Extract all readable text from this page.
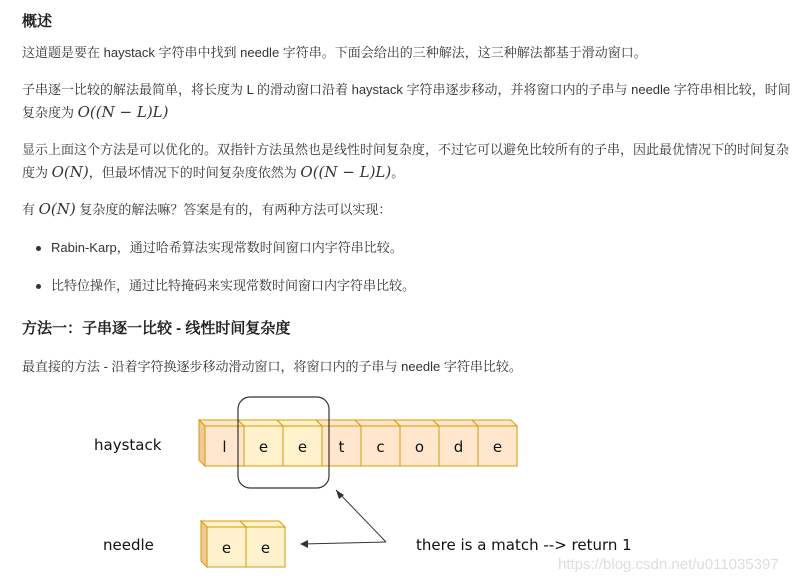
概述
这道题是要在 haystack 字符串中找到 needle 字符串。下面会给出的三种解法，这三种解法都基于滑动窗口。
子串逐一比较的解法最简单，将长度为 L 的滑动窗口沿着 haystack 字符串逐步移动，并将窗口内的子串与 needle 字符串相比较，时间复杂度为 O((N − L)L)
显示上面这个方法是可以优化的。双指针方法虽然也是线性时间复杂度，不过它可以避免比较所有的子串，因此最优情况下的时间复杂度为 O(N)，但最坏情况下的时间复杂度依然为 O((N − L)L)。
有 O(N) 复杂度的解法嘛？答案是有的，有两种方法可以实现：
Rabin-Karp，通过哈希算法实现常数时间窗口内字符串比较。
比特位操作，通过比特掩码来实现常数时间窗口内字符串比较。
方法一：子串逐一比较 - 线性时间复杂度
最直接的方法 - 沿着字符换逐步移动滑动窗口，将窗口内的子串与 needle 字符串比较。
l e e t c o d e
e e
haystack
needle	there is a match --> return 1
https://blog.csdn.net/u011035397
